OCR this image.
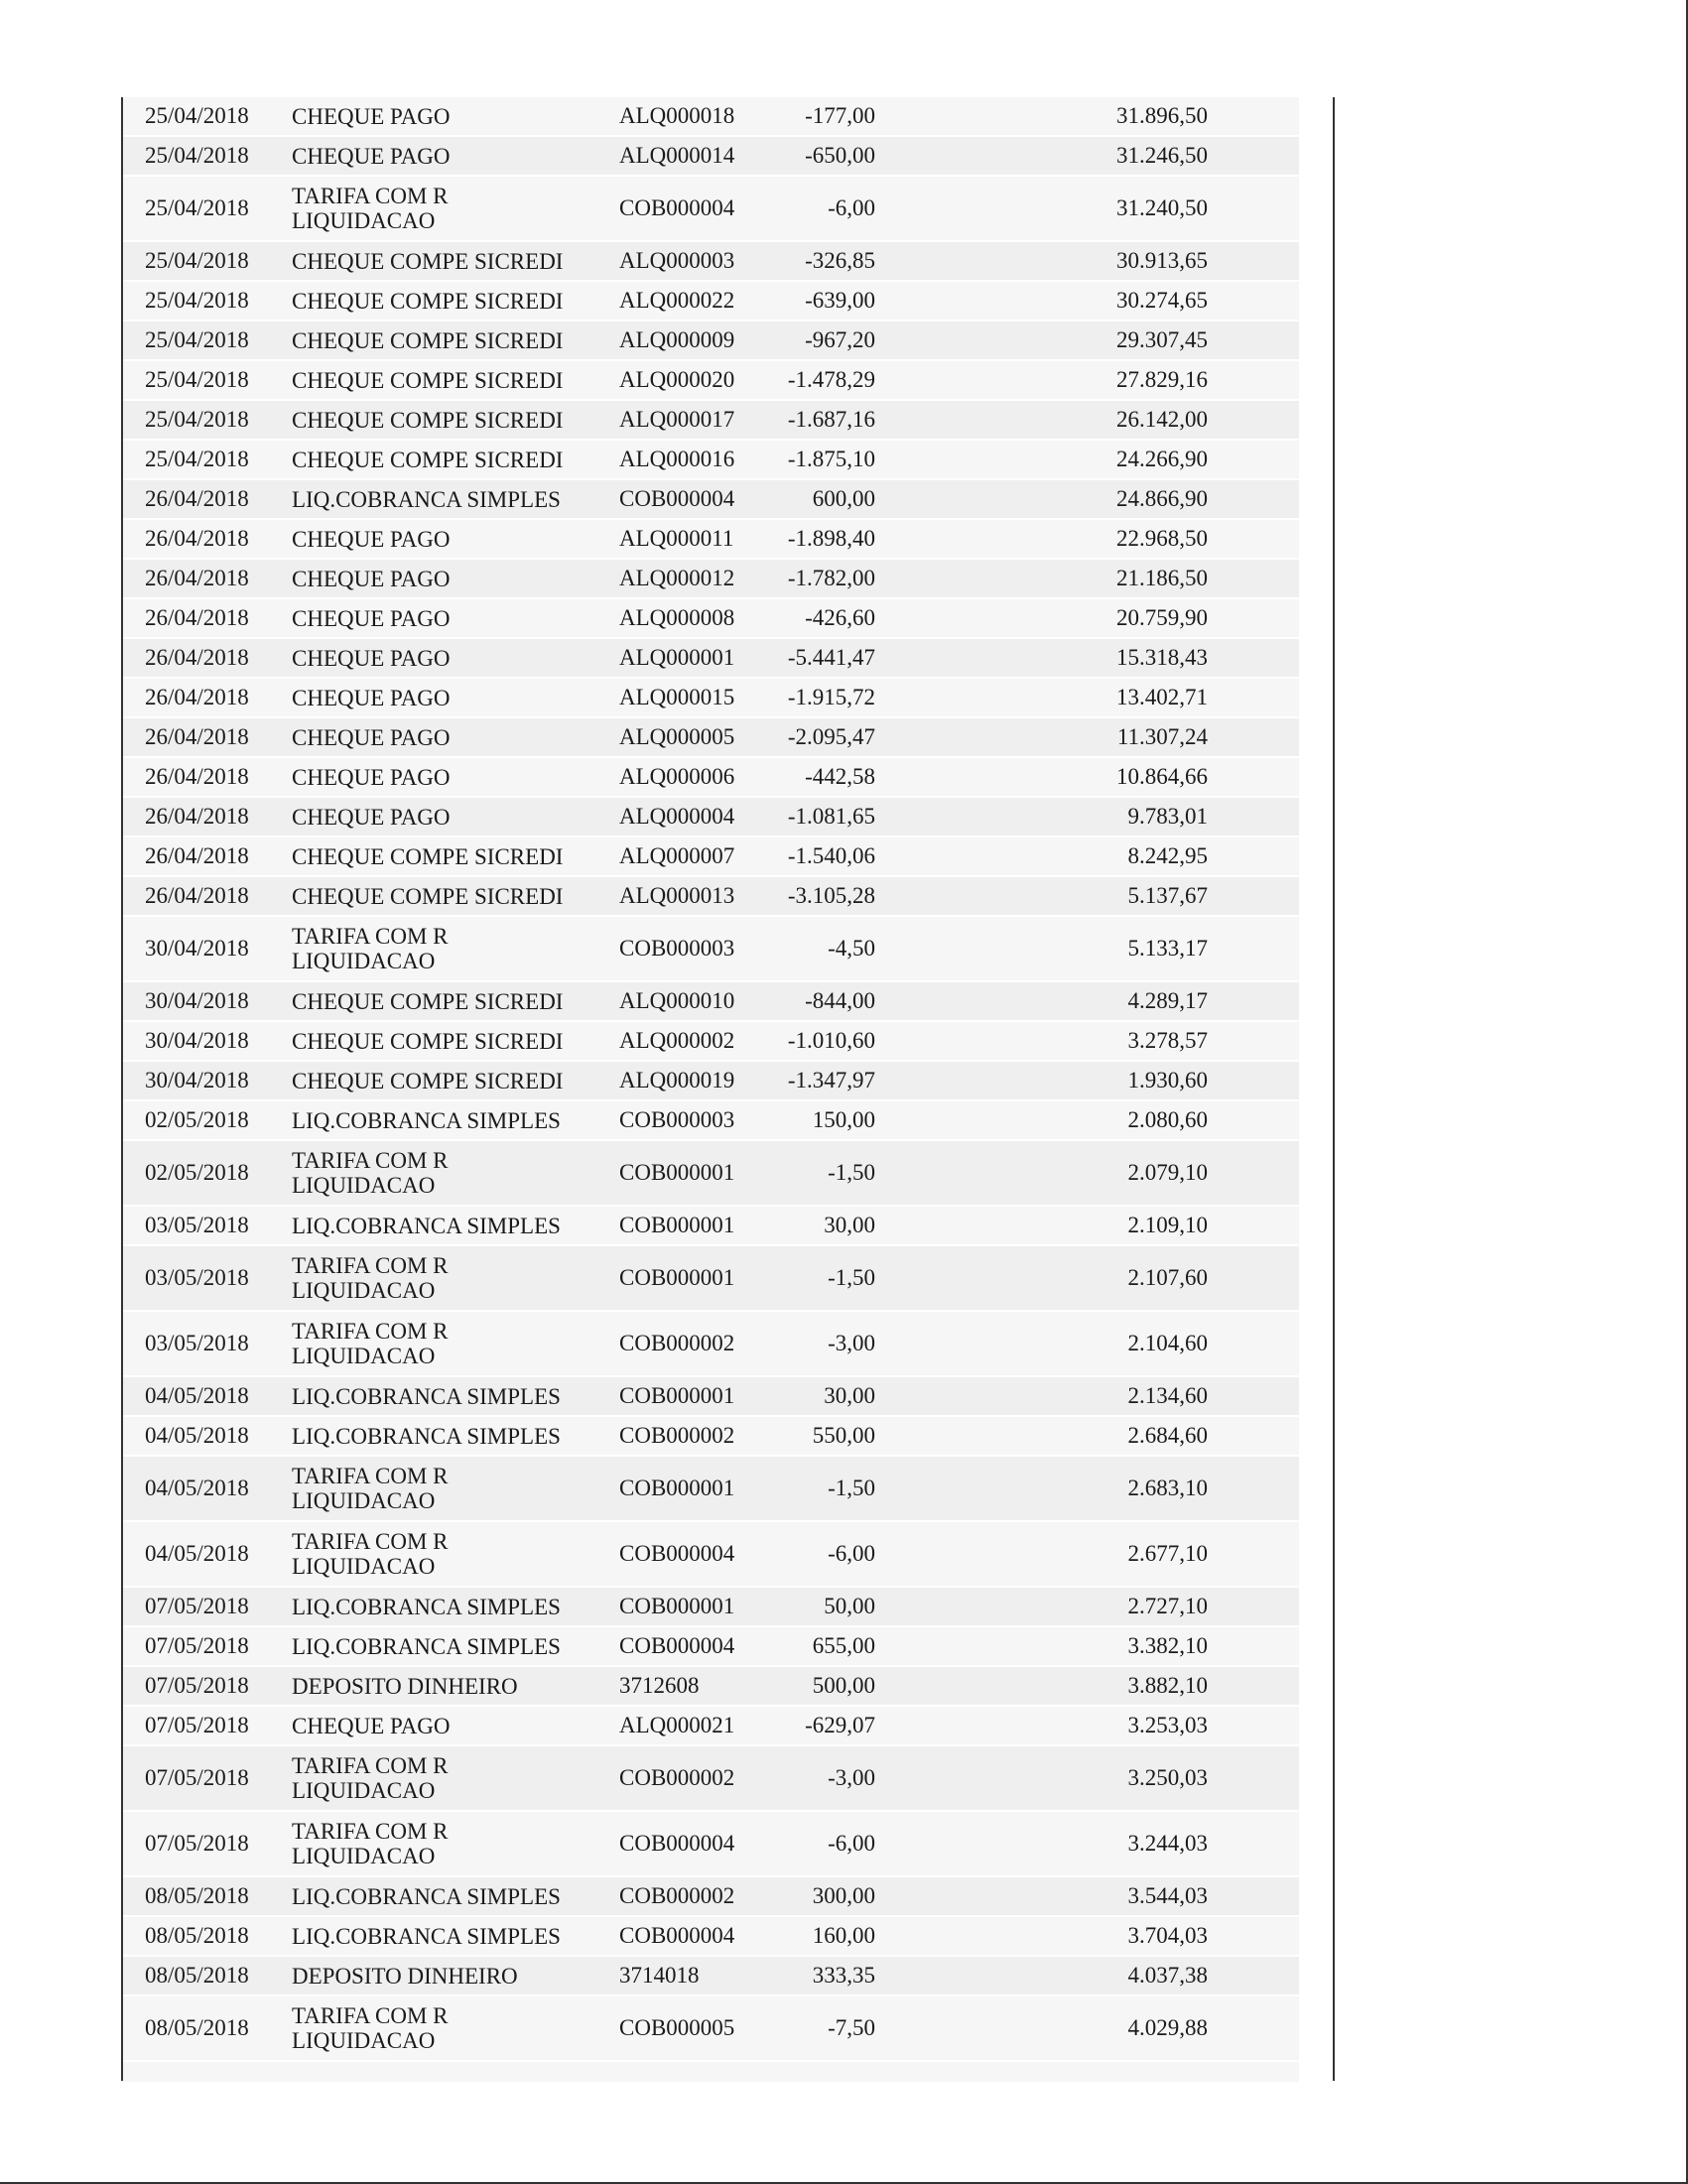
25/04/2018	CHEQUE PAGO	ALQ000018	-177,00	31.896,50
25/04/2018	CHEQUE PAGO	ALQ000014	-650,00	31.246,50
25/04/2018	TARIFA COM R LIQUIDACAO	COB000004	-6,00	31.240,50
25/04/2018	CHEQUE COMPE SICREDI	ALQ000003	-326,85	30.913,65
25/04/2018	CHEQUE COMPE SICREDI	ALQ000022	-639,00	30.274,65
25/04/2018	CHEQUE COMPE SICREDI	ALQ000009	-967,20	29.307,45
25/04/2018	CHEQUE COMPE SICREDI	ALQ000020	-1.478,29	27.829,16
25/04/2018	CHEQUE COMPE SICREDI	ALQ000017	-1.687,16	26.142,00
25/04/2018	CHEQUE COMPE SICREDI	ALQ000016	-1.875,10	24.266,90
26/04/2018	LIQ.COBRANCA SIMPLES	COB000004	600,00	24.866,90
26/04/2018	CHEQUE PAGO	ALQ000011	-1.898,40	22.968,50
26/04/2018	CHEQUE PAGO	ALQ000012	-1.782,00	21.186,50
26/04/2018	CHEQUE PAGO	ALQ000008	-426,60	20.759,90
26/04/2018	CHEQUE PAGO	ALQ000001	-5.441,47	15.318,43
26/04/2018	CHEQUE PAGO	ALQ000015	-1.915,72	13.402,71
26/04/2018	CHEQUE PAGO	ALQ000005	-2.095,47	11.307,24
26/04/2018	CHEQUE PAGO	ALQ000006	-442,58	10.864,66
26/04/2018	CHEQUE PAGO	ALQ000004	-1.081,65	9.783,01
26/04/2018	CHEQUE COMPE SICREDI	ALQ000007	-1.540,06	8.242,95
26/04/2018	CHEQUE COMPE SICREDI	ALQ000013	-3.105,28	5.137,67
30/04/2018	TARIFA COM R LIQUIDACAO	COB000003	-4,50	5.133,17
30/04/2018	CHEQUE COMPE SICREDI	ALQ000010	-844,00	4.289,17
30/04/2018	CHEQUE COMPE SICREDI	ALQ000002	-1.010,60	3.278,57
30/04/2018	CHEQUE COMPE SICREDI	ALQ000019	-1.347,97	1.930,60
02/05/2018	LIQ.COBRANCA SIMPLES	COB000003	150,00	2.080,60
02/05/2018	TARIFA COM R LIQUIDACAO	COB000001	-1,50	2.079,10
03/05/2018	LIQ.COBRANCA SIMPLES	COB000001	30,00	2.109,10
03/05/2018	TARIFA COM R LIQUIDACAO	COB000001	-1,50	2.107,60
03/05/2018	TARIFA COM R LIQUIDACAO	COB000002	-3,00	2.104,60
04/05/2018	LIQ.COBRANCA SIMPLES	COB000001	30,00	2.134,60
04/05/2018	LIQ.COBRANCA SIMPLES	COB000002	550,00	2.684,60
04/05/2018	TARIFA COM R LIQUIDACAO	COB000001	-1,50	2.683,10
04/05/2018	TARIFA COM R LIQUIDACAO	COB000004	-6,00	2.677,10
07/05/2018	LIQ.COBRANCA SIMPLES	COB000001	50,00	2.727,10
07/05/2018	LIQ.COBRANCA SIMPLES	COB000004	655,00	3.382,10
07/05/2018	DEPOSITO DINHEIRO	3712608	500,00	3.882,10
07/05/2018	CHEQUE PAGO	ALQ000021	-629,07	3.253,03
07/05/2018	TARIFA COM R LIQUIDACAO	COB000002	-3,00	3.250,03
07/05/2018	TARIFA COM R LIQUIDACAO	COB000004	-6,00	3.244,03
08/05/2018	LIQ.COBRANCA SIMPLES	COB000002	300,00	3.544,03
08/05/2018	LIQ.COBRANCA SIMPLES	COB000004	160,00	3.704,03
08/05/2018	DEPOSITO DINHEIRO	3714018	333,35	4.037,38
08/05/2018	TARIFA COM R LIQUIDACAO	COB000005	-7,50	4.029,88
